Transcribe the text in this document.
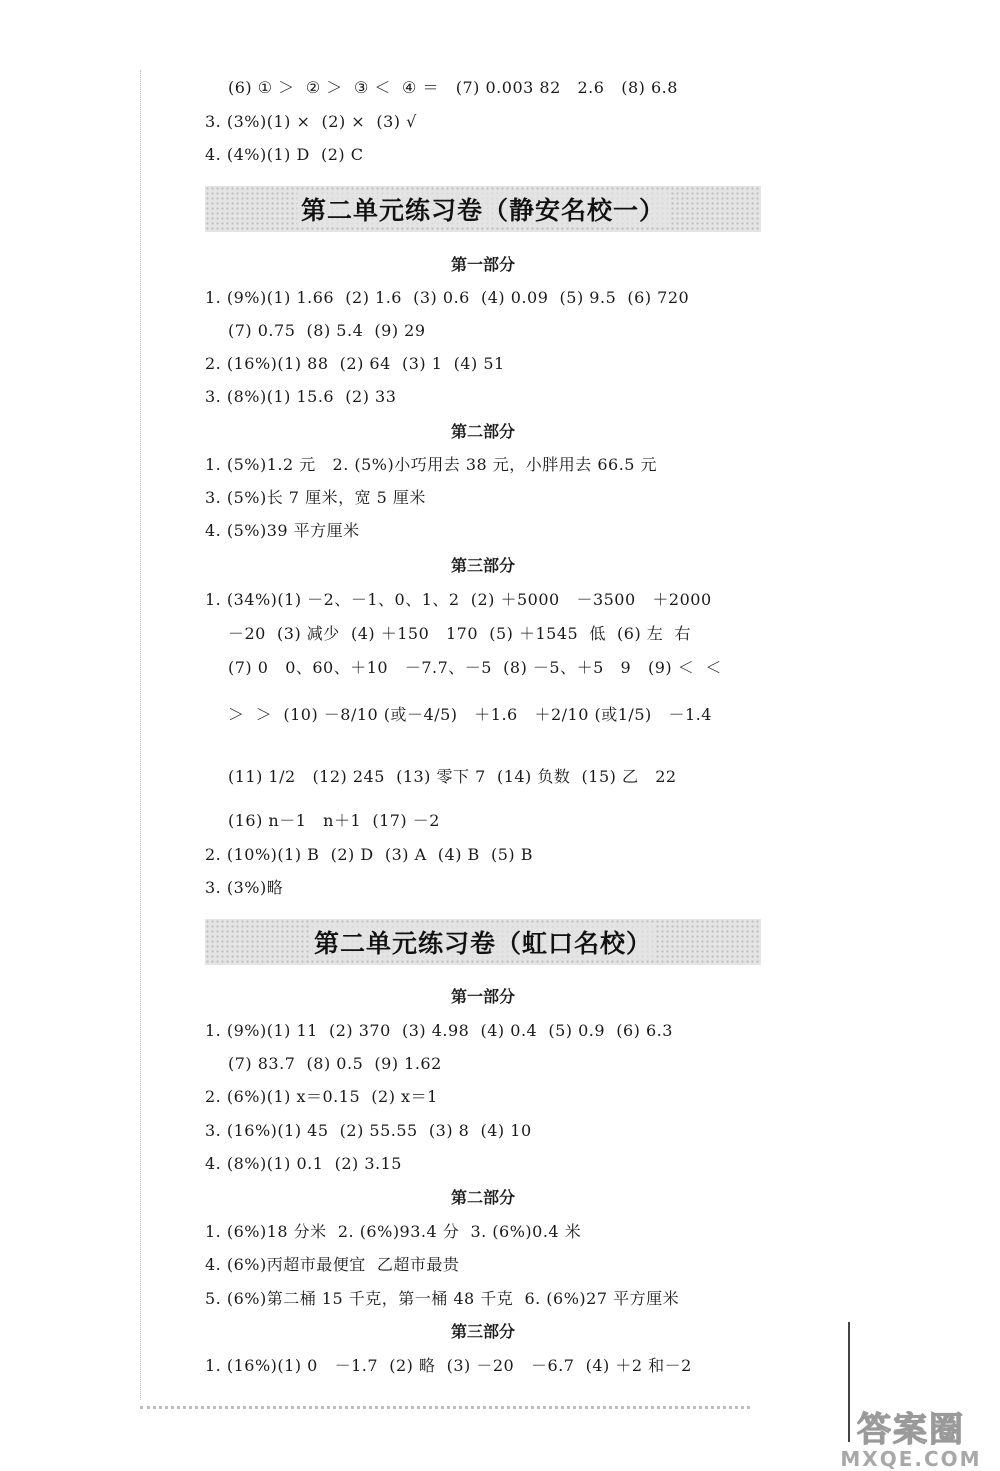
(6) ① ＞  ② ＞  ③ ＜  ④ ＝   (7) 0.003 82   2.6   (8) 6.8
3. (3%)(1) ×  (2) ×  (3) √
4. (4%)(1) D  (2) C
第二单元练习卷（静安名校一）
第一部分
1. (9%)(1) 1.66  (2) 1.6  (3) 0.6  (4) 0.09  (5) 9.5  (6) 720
(7) 0.75  (8) 5.4  (9) 29
2. (16%)(1) 88  (2) 64  (3) 1  (4) 51
3. (8%)(1) 15.6  (2) 33
第二部分
1. (5%)1.2 元   2. (5%)小巧用去 38 元，小胖用去 66.5 元
3. (5%)长 7 厘米，宽 5 厘米
4. (5%)39 平方厘米
第三部分
1. (34%)(1) －2、－1、0、1、2  (2) ＋5000   －3500   ＋2000
－20  (3) 减少  (4) ＋150   170  (5) ＋1545  低  (6) 左  右
(7) 0   0、60、＋10   －7.7、－5  (8) －5、＋5   9   (9) ＜  ＜
＞  ＞  (10) －8/10 (或－4/5)   ＋1.6   ＋2/10 (或1/5)   －1.4
(11) 1/2   (12) 245  (13) 零下 7  (14) 负数  (15) 乙   22
(16) n－1   n＋1  (17) －2
2. (10%)(1) B  (2) D  (3) A  (4) B  (5) B
3. (3%)略
第二单元练习卷（虹口名校）
第一部分
1. (9%)(1) 11  (2) 370  (3) 4.98  (4) 0.4  (5) 0.9  (6) 6.3
(7) 83.7  (8) 0.5  (9) 1.62
2. (6%)(1) x＝0.15  (2) x＝1
3. (16%)(1) 45  (2) 55.55  (3) 8  (4) 10
4. (8%)(1) 0.1  (2) 3.15
第二部分
1. (6%)18 分米  2. (6%)93.4 分  3. (6%)0.4 米
4. (6%)丙超市最便宜  乙超市最贵
5. (6%)第二桶 15 千克，第一桶 48 千克  6. (6%)27 平方厘米
第三部分
1. (16%)(1) 0   －1.7  (2) 略  (3) －20   －6.7  (4) ＋2 和－2
答案圈
MXQE.COM
